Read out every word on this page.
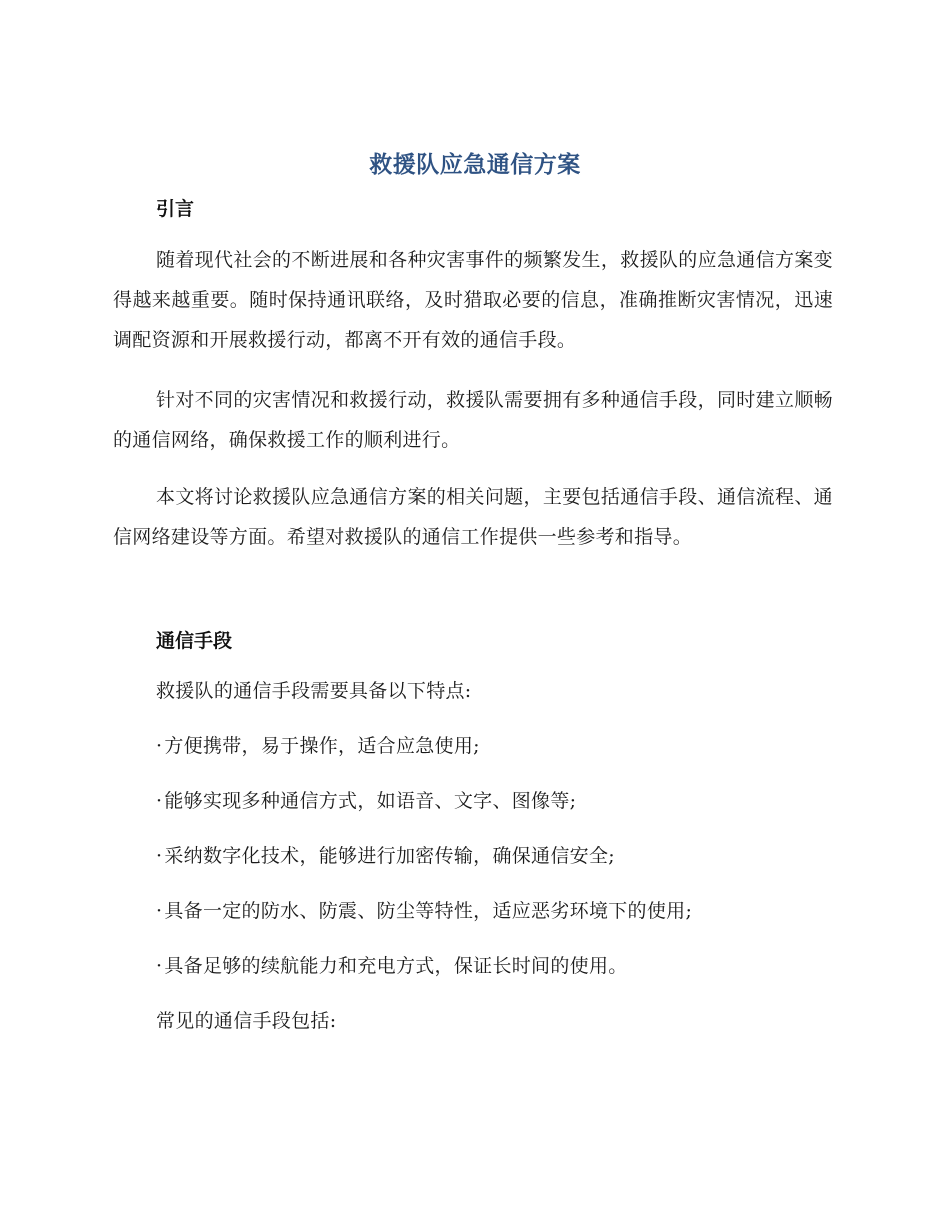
救援队应急通信方案
引言

随着现代社会的不断进展和各种灾害事件的频繁发生，救援队的应急通信方案变得越来越重要。随时保持通讯联络，及时猎取必要的信息，准确推断灾害情况，迅速调配资源和开展救援行动，都离不开有效的通信手段。

针对不同的灾害情况和救援行动，救援队需要拥有多种通信手段，同时建立顺畅的通信网络，确保救援工作的顺利进行。

本文将讨论救援队应急通信方案的相关问题，主要包括通信手段、通信流程、通信网络建设等方面。希望对救援队的通信工作提供一些参考和指导。

通信手段

救援队的通信手段需要具备以下特点:

· 方便携带，易于操作，适合应急使用;

· 能够实现多种通信方式，如语音、文字、图像等;

· 采纳数字化技术，能够进行加密传输，确保通信安全;

· 具备一定的防水、防震、防尘等特性，适应恶劣环境下的使用;

· 具备足够的续航能力和充电方式，保证长时间的使用。

常见的通信手段包括:
